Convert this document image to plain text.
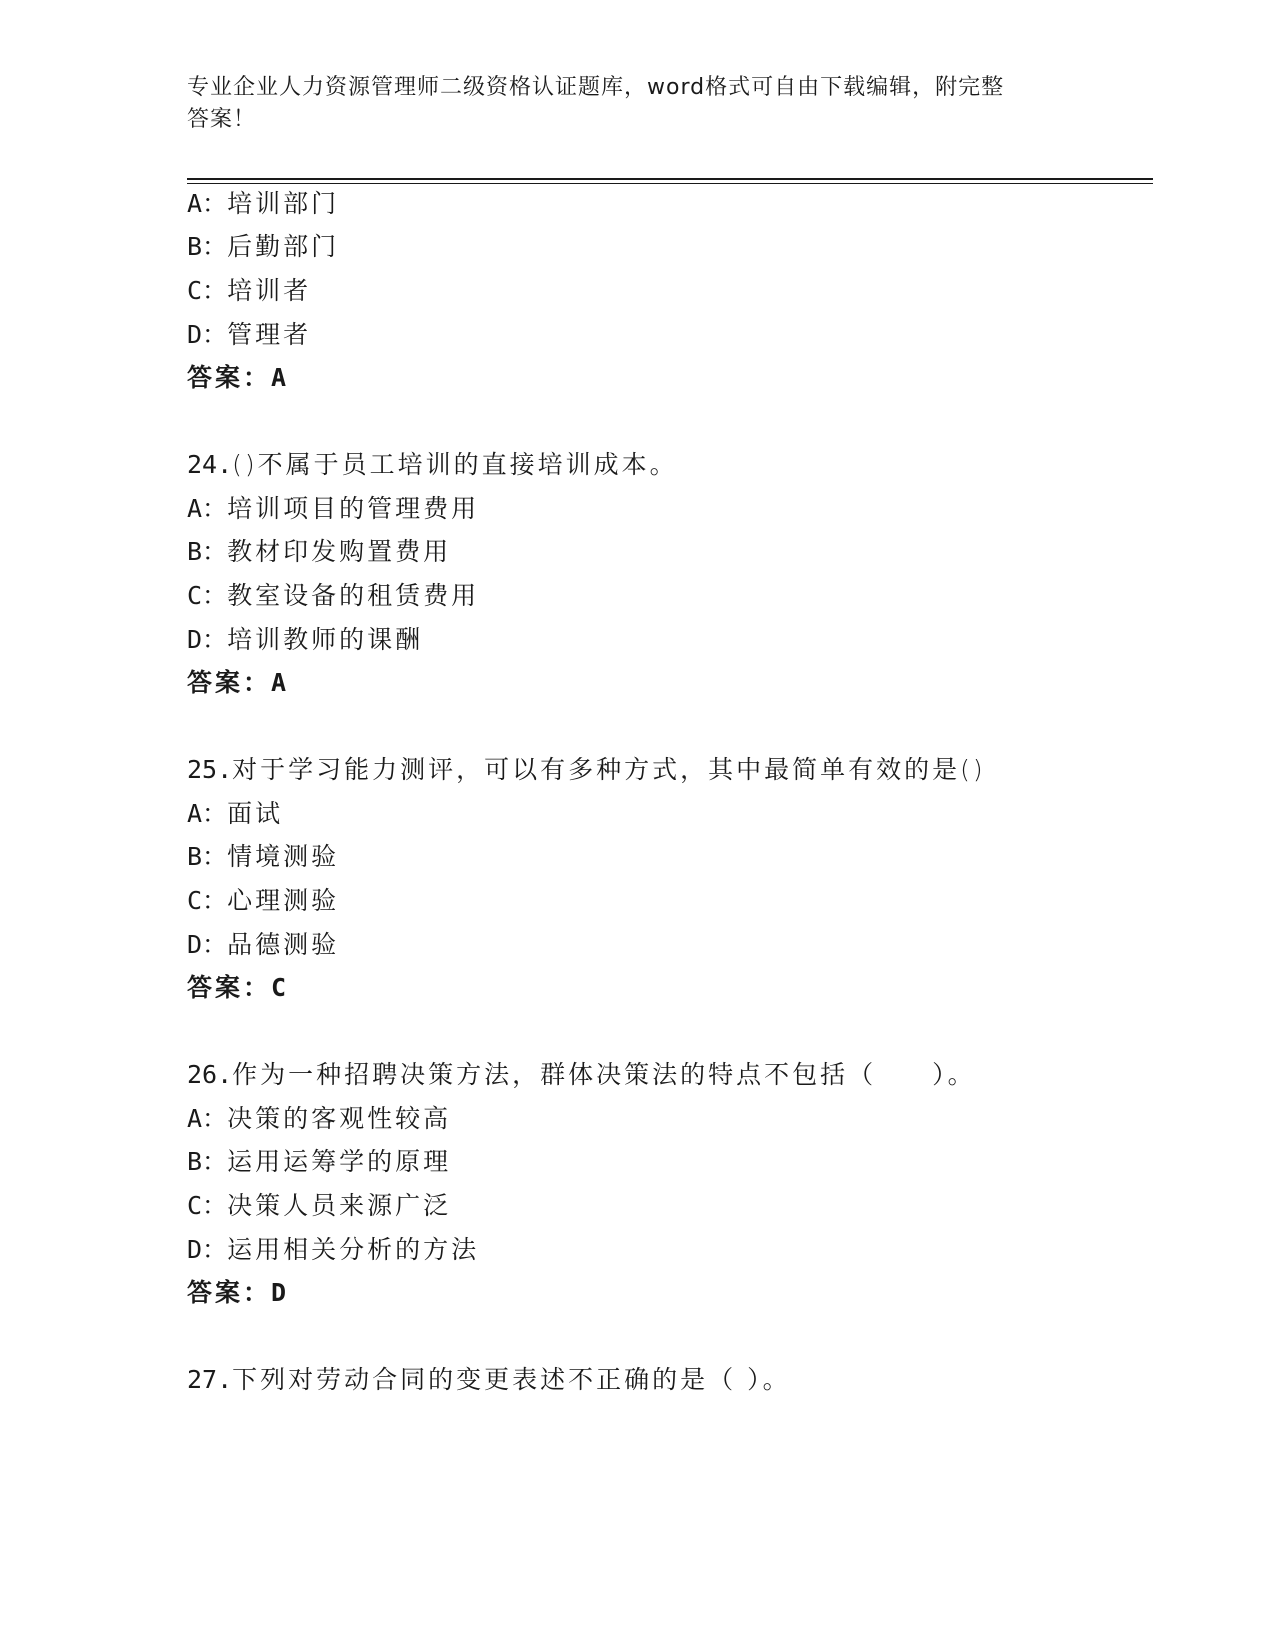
专业企业人力资源管理师二级资格认证题库，word格式可自由下载编辑，附完整
答案！
A：培训部门
B：后勤部门
C：培训者
D：管理者
答案：A
24.()不属于员工培训的直接培训成本。
A：培训项目的管理费用
B：教材印发购置费用
C：教室设备的租赁费用
D：培训教师的课酬
答案：A
25.对于学习能力测评，可以有多种方式，其中最简单有效的是()
A：面试
B：情境测验
C：心理测验
D：品德测验
答案：C
26.作为一种招聘决策方法，群体决策法的特点不包括（　　）。
A：决策的客观性较高
B：运用运筹学的原理
C：决策人员来源广泛
D：运用相关分析的方法
答案：D
27.下列对劳动合同的变更表述不正确的是（ ）。
